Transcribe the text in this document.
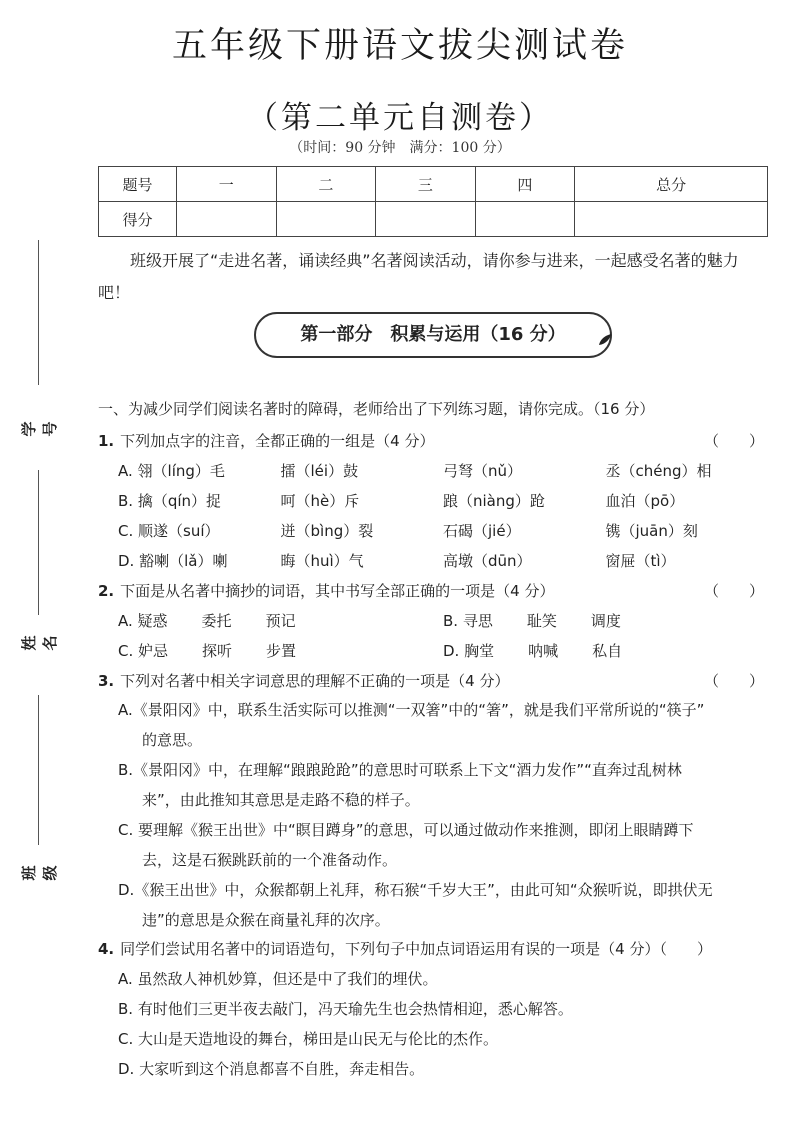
五年级下册语文拔尖测试卷
（第二单元自测卷）
（时间：90 分钟　满分：100 分）
题号	一	二	三	四	总分
得分					
学号
姓名
班级
班级开展了“走进名著，诵读经典”名著阅读活动，请你参与进来，一起感受名著的魅力吧！
第一部分　积累与运用（16 分）
一、为减少同学们阅读名著时的障碍，老师给出了下列练习题，请你完成。（16 分）
1. 下列加点字的注音，全都正确的一组是（4 分）	（　　）
A. 翎（líng）毛	擂（léi）鼓	弓弩（nǔ）	丞（chéng）相
B. 擒（qín）捉	呵（hè）斥	踉（niàng）跄	血泊（pō）
C. 顺遂（suí）	迸（bìng）裂	石碣（jié）	镌（juān）刻
D. 豁喇（lǎ）喇	晦（huì）气	高墩（dūn）	窗屉（tì）
2. 下面是从名著中摘抄的词语，其中书写全部正确的一项是（4 分）	（　　）
A. 疑惑 委托 预记	B. 寻思 耻笑 调度
C. 妒忌 探听 步置	D. 胸堂 呐喊 私自
3. 下列对名著中相关字词意思的理解不正确的一项是（4 分）	（　　）
A.《景阳冈》中，联系生活实际可以推测“一双箸”中的“箸”，就是我们平常所说的“筷子”
的意思。
B.《景阳冈》中，在理解“踉踉跄跄”的意思时可联系上下文“酒力发作”“直奔过乱树林
来”，由此推知其意思是走路不稳的样子。
C. 要理解《猴王出世》中“瞑目蹲身”的意思，可以通过做动作来推测，即闭上眼睛蹲下
去，这是石猴跳跃前的一个准备动作。
D.《猴王出世》中，众猴都朝上礼拜，称石猴“千岁大王”，由此可知“众猴听说，即拱伏无
违”的意思是众猴在商量礼拜的次序。
4. 同学们尝试用名著中的词语造句，下列句子中加点词语运用有误的一项是（4 分）（　　）
A. 虽然敌人神机妙算，但还是中了我们的埋伏。
B. 有时他们三更半夜去敲门，冯天瑜先生也会热情相迎，悉心解答。
C. 大山是天造地设的舞台，梯田是山民无与伦比的杰作。
D. 大家听到这个消息都喜不自胜，奔走相告。
